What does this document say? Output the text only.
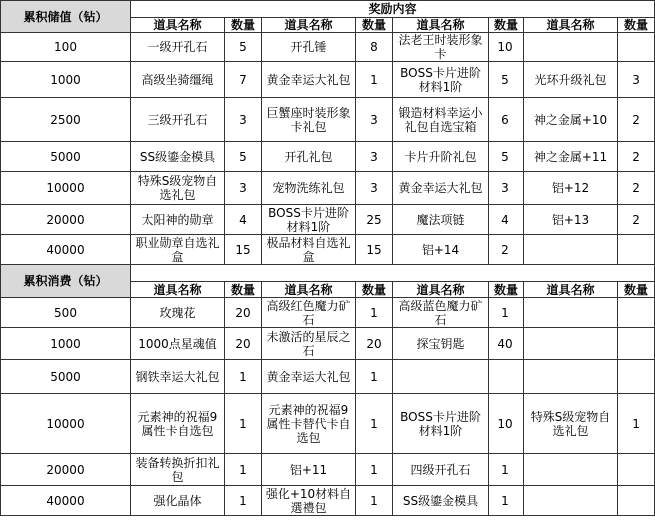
累积储值（钻）	奖励内容							
	道具名称	数量	道具名称	数量	道具名称	数量	道具名称	数量
100	一级开孔石	5	开孔锤	8	法老王时装形象卡	10		
1000	高级坐骑缰绳	7	黄金幸运大礼包	1	BOSS卡片进阶材料1阶	5	光环升级礼包	3
2500	三级开孔石	3	巨蟹座时装形象卡礼包	3	锻造材料幸运小礼包自选宝箱	6	神之金属+10	2
5000	SS级鎏金模具	5	开孔礼包	3	卡片升阶礼包	5	神之金属+11	2
10000	特殊S级宠物自选礼包	3	宠物洗练礼包	3	黄金幸运大礼包	3	铝+12	2
20000	太阳神的勋章	4	BOSS卡片进阶材料1阶	25	魔法项链	4	铝+13	2
40000	职业勋章自选礼盒	15	极品材料自选礼盒	15	铝+14	2		
累积消费（钻）								
	道具名称	数量	道具名称	数量	道具名称	数量	道具名称	数量
500	玫瑰花	20	高级红色魔力矿石	1	高级蓝色魔力矿石	1		
1000	1000点星魂值	20	未激活的星辰之石	20	探宝钥匙	40		
5000	钢铁幸运大礼包	1	黄金幸运大礼包	1				
10000	元素神的祝福9属性卡自选包	1	元素神的祝福9属性卡替代卡自选包	1	BOSS卡片进阶材料1阶	10	特殊S级宠物自选礼包	1
20000	装备转换折扣礼包	1	铝+11	1	四级开孔石	1		
40000	强化晶体	1	强化+10材料自選禮包	1	SS级鎏金模具	1		
